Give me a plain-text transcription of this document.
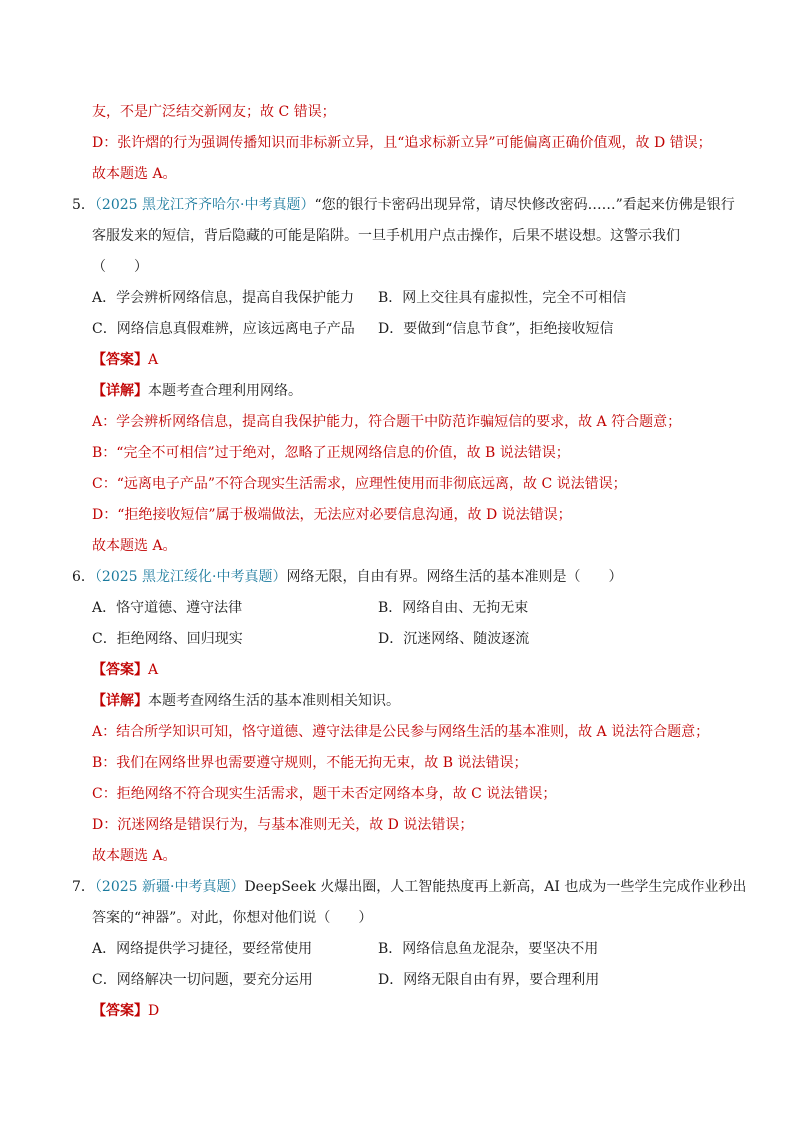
友，不是广泛结交新网友；故 C 错误；
D：张许熠的行为强调传播知识而非标新立异，且“追求标新立异”可能偏离正确价值观，故 D 错误；
故本题选 A。
5．（2025 黑龙江齐齐哈尔·中考真题）“您的银行卡密码出现异常，请尽快修改密码……”看起来仿佛是银行
客服发来的短信，背后隐藏的可能是陷阱。一旦手机用户点击操作，后果不堪设想。这警示我们
（　　）
A．学会辨析网络信息，提高自我保护能力 B．网上交往具有虚拟性，完全不可相信
C．网络信息真假难辨，应该远离电子产品 D．要做到“信息节食”，拒绝接收短信
【答案】A
【详解】本题考查合理利用网络。
A：学会辨析网络信息，提高自我保护能力，符合题干中防范诈骗短信的要求，故 A 符合题意；
B：“完全不可相信”过于绝对，忽略了正规网络信息的价值，故 B 说法错误；
C：“远离电子产品”不符合现实生活需求，应理性使用而非彻底远离，故 C 说法错误；
D：“拒绝接收短信”属于极端做法，无法应对必要信息沟通，故 D 说法错误；
故本题选 A。
6．（2025 黑龙江绥化·中考真题）网络无限，自由有界。网络生活的基本准则是（　　）
A．恪守道德、遵守法律	B．网络自由、无拘无束
C．拒绝网络、回归现实	D．沉迷网络、随波逐流
【答案】A
【详解】本题考查网络生活的基本准则相关知识。
A：结合所学知识可知，恪守道德、遵守法律是公民参与网络生活的基本准则，故 A 说法符合题意；
B：我们在网络世界也需要遵守规则，不能无拘无束，故 B 说法错误；
C：拒绝网络不符合现实生活需求，题干未否定网络本身，故 C 说法错误；
D：沉迷网络是错误行为，与基本准则无关，故 D 说法错误；
故本题选 A。
7．（2025 新疆·中考真题）DeepSeek 火爆出圈，人工智能热度再上新高，AI 也成为一些学生完成作业秒出
答案的“神器”。对此，你想对他们说（　　）
A．网络提供学习捷径，要经常使用	B．网络信息鱼龙混杂，要坚决不用
C．网络解决一切问题，要充分运用	D．网络无限自由有界，要合理利用
【答案】D
